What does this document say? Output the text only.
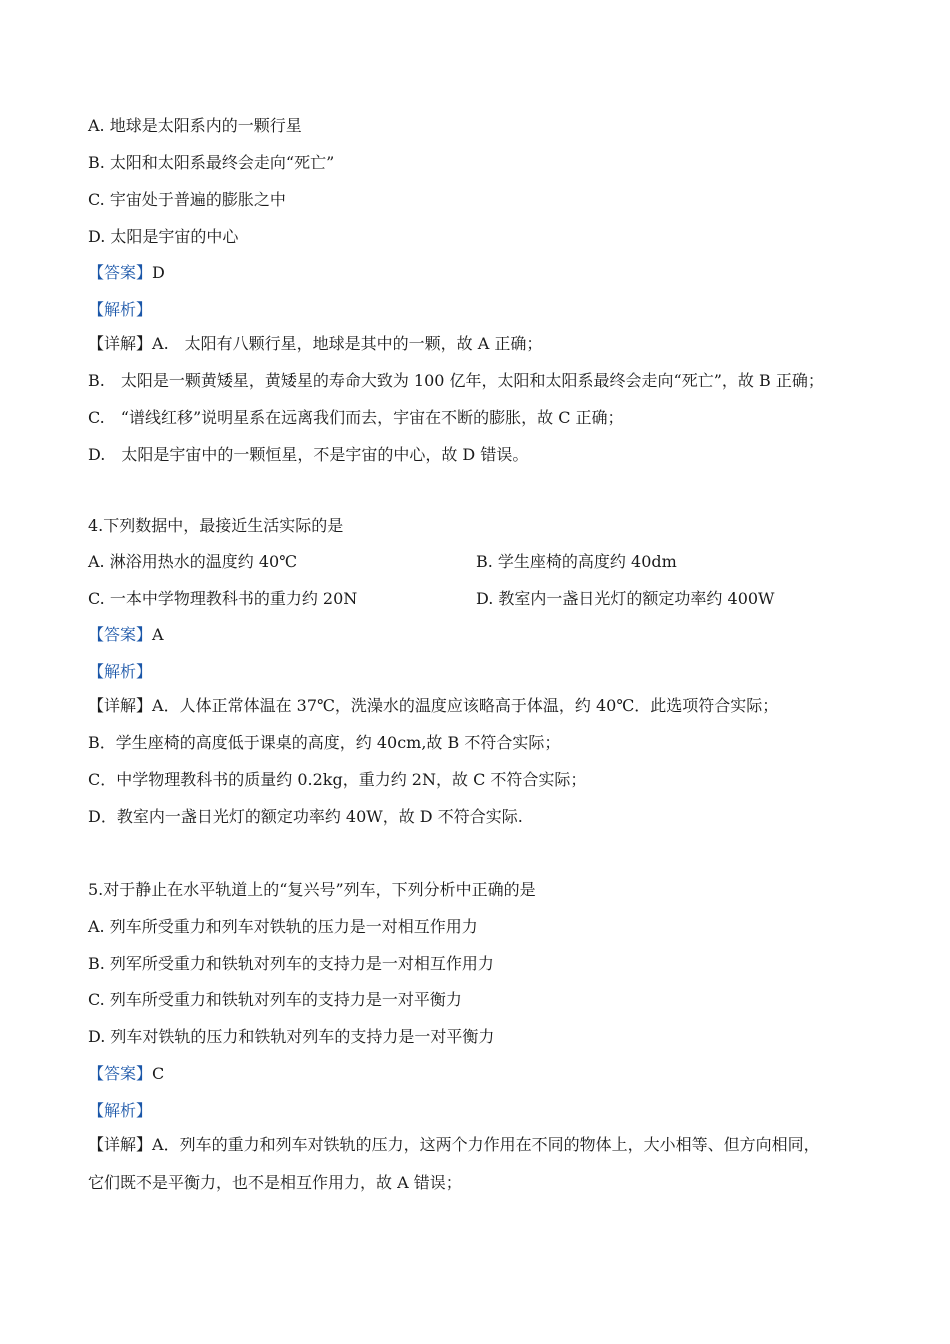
A. 地球是太阳系内的一颗行星
B. 太阳和太阳系最终会走向“死亡”
C. 宇宙处于普遍的膨胀之中
D. 太阳是宇宙的中心
【答案】D
【解析】
【详解】A.　太阳有八颗行星，地球是其中的一颗，故 A 正确；
B.　太阳是一颗黄矮星，黄矮星的寿命大致为 100 亿年，太阳和太阳系最终会走向“死亡”，故 B 正确；
C.　“谱线红移”说明星系在远离我们而去，宇宙在不断的膨胀，故 C 正确；
D.　太阳是宇宙中的一颗恒星，不是宇宙的中心，故 D 错误。
4.下列数据中，最接近生活实际的是
A. 淋浴用热水的温度约 40℃	B. 学生座椅的高度约 40dm
C. 一本中学物理教科书的重力约 20N	D. 教室内一盏日光灯的额定功率约 400W
【答案】A
【解析】
【详解】A．人体正常体温在 37℃，洗澡水的温度应该略高于体温，约 40℃．此选项符合实际；
B．学生座椅的高度低于课桌的高度，约 40cm,故 B 不符合实际；
C．中学物理教科书的质量约 0.2kg，重力约 2N，故 C 不符合实际；
D．教室内一盏日光灯的额定功率约 40W，故 D 不符合实际.
5.对于静止在水平轨道上的“复兴号”列车，下列分析中正确的是
A. 列车所受重力和列车对铁轨的压力是一对相互作用力
B. 列军所受重力和铁轨对列车的支持力是一对相互作用力
C. 列车所受重力和铁轨对列车的支持力是一对平衡力
D. 列车对铁轨的压力和铁轨对列车的支持力是一对平衡力
【答案】C
【解析】
【详解】A．列车的重力和列车对铁轨的压力，这两个力作用在不同的物体上，大小相等、但方向相同，
它们既不是平衡力，也不是相互作用力，故 A 错误；
